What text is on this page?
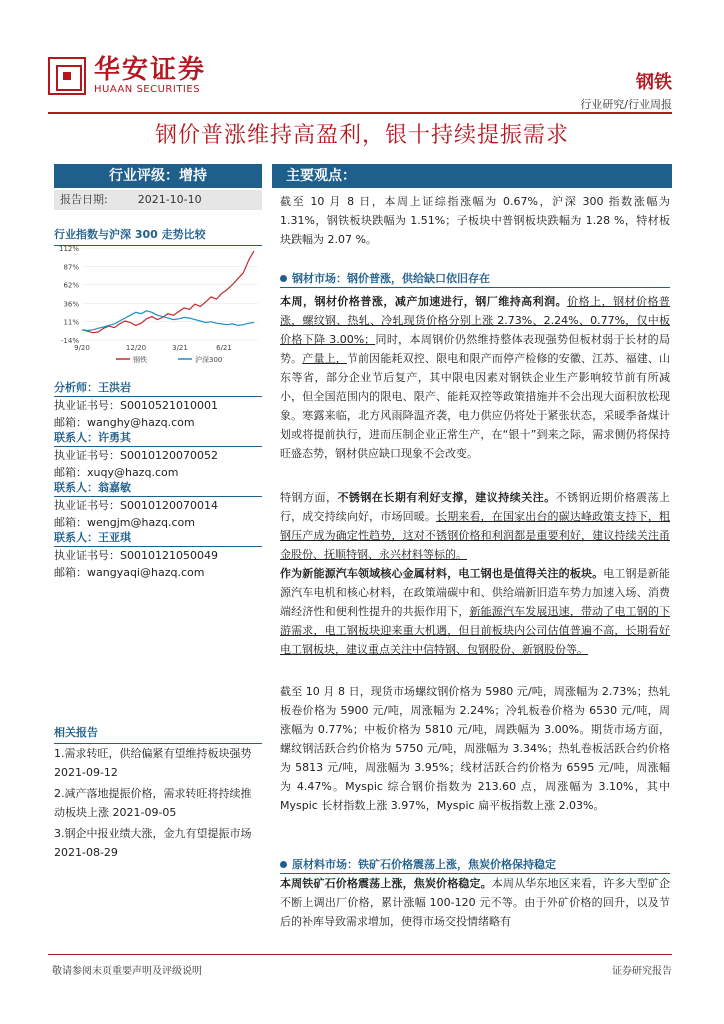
华安证券
HUAAN SECURITIES	钢铁
行业研究/行业周报
钢价普涨维持高盈利，银十持续提振需求
行业评级：增持
报告日期:	2021-10-10
行业指数与沪深 300 走势比较
112%
87%
62%
36%
11%
-14%
9/20	12/20	3/21	6/21
钢铁	沪深300
分析师：王洪岩
执业证书号：S0010521010001
邮箱：wanghy@hazq.com
联系人：许勇其
执业证书号：S0010120070052
邮箱：xuqy@hazq.com
联系人：翁嘉敏
执业证书号：S0010120070014
邮箱：wengjm@hazq.com
联系人：王亚琪
执业证书号：S0010121050049
邮箱：wangyaqi@hazq.com
相关报告
1.需求转旺，供给偏紧有望维持板块强势 2021-09-12
2.减产落地提振价格，需求转旺将持续推动板块上涨 2021-09-05
3.钢企中报业绩大涨，金九有望提振市场 2021-08-29
主要观点：
截至 10 月 8 日，本周上证综指涨幅为 0.67%，沪深 300 指数涨幅为 1.31%，钢铁板块跌幅为 1.51%；子板块中普钢板块跌幅为 1.28 %，特材板块跌幅为 2.07 %。
钢材市场：钢价普涨，供给缺口依旧存在
本周，钢材价格普涨，减产加速进行，钢厂维持高利润。价格上，钢材价格普涨，螺纹钢、热轧、冷轧现货价格分别上涨 2.73%、2.24%、0.77%，仅中板价格下降 3.00%；同时，本周钢价仍然维持整体表现强势但板材弱于长材的局势。产量上，节前因能耗双控、限电和限产而停产检修的安徽、江苏、福建、山东等省，部分企业节后复产，其中限电因素对钢铁企业生产影响较节前有所减小，但全国范围内的限电、限产、能耗双控等政策措施并不会出现大面积放松现象。寒露来临，北方风雨降温齐袭，电力供应仍将处于紧张状态，采暖季备煤计划或将提前执行，进而压制企业正常生产，在“银十”到来之际，需求侧仍将保持旺盛态势，钢材供应缺口现象不会改变。
特钢方面，不锈钢在长期有利好支撑，建议持续关注。不锈钢近期价格震荡上行，成交持续向好，市场回暖。长期来看，在国家出台的碳达峰政策支持下，粗钢压产成为确定性趋势，这对不锈钢价格和利润都是重要利好，建议持续关注甬金股份、抚顺特钢、永兴材料等标的。
作为新能源汽车领域核心金属材料，电工钢也是值得关注的板块。电工钢是新能源汽车电机和核心材料，在政策端碳中和、供给端新旧造车势力加速入场、消费端经济性和便利性提升的共振作用下，新能源汽车发展迅速，带动了电工钢的下游需求，电工钢板块迎来重大机遇，但目前板块内公司估值普遍不高，长期看好电工钢板块，建议重点关注中信特钢、包钢股份、新钢股份等。
截至 10 月 8 日，现货市场螺纹钢价格为 5980 元/吨，周涨幅为 2.73%；热轧板卷价格为 5900 元/吨，周涨幅为 2.24%；冷轧板卷价格为 6530 元/吨，周涨幅为 0.77%；中板价格为 5810 元/吨，周跌幅为 3.00%。期货市场方面，螺纹钢活跃合约价格为 5750 元/吨，周涨幅为 3.34%；热轧卷板活跃合约价格为 5813 元/吨，周涨幅为 3.95%；线材活跃合约价格为 6595 元/吨，周涨幅为 4.47%。Myspic 综合钢价指数为 213.60 点，周涨幅为 3.10%，其中 Myspic 长材指数上涨 3.97%，Myspic 扁平板指数上涨 2.03%。
原材料市场：铁矿石价格震荡上涨，焦炭价格保持稳定
本周铁矿石价格震荡上涨，焦炭价格稳定。本周从华东地区来看，许多大型矿企不断上调出厂价格，累计涨幅 100-120 元不等。由于外矿价格的回升，以及节后的补库导致需求增加，使得市场交投情绪略有
敬请参阅末页重要声明及评级说明	证券研究报告
